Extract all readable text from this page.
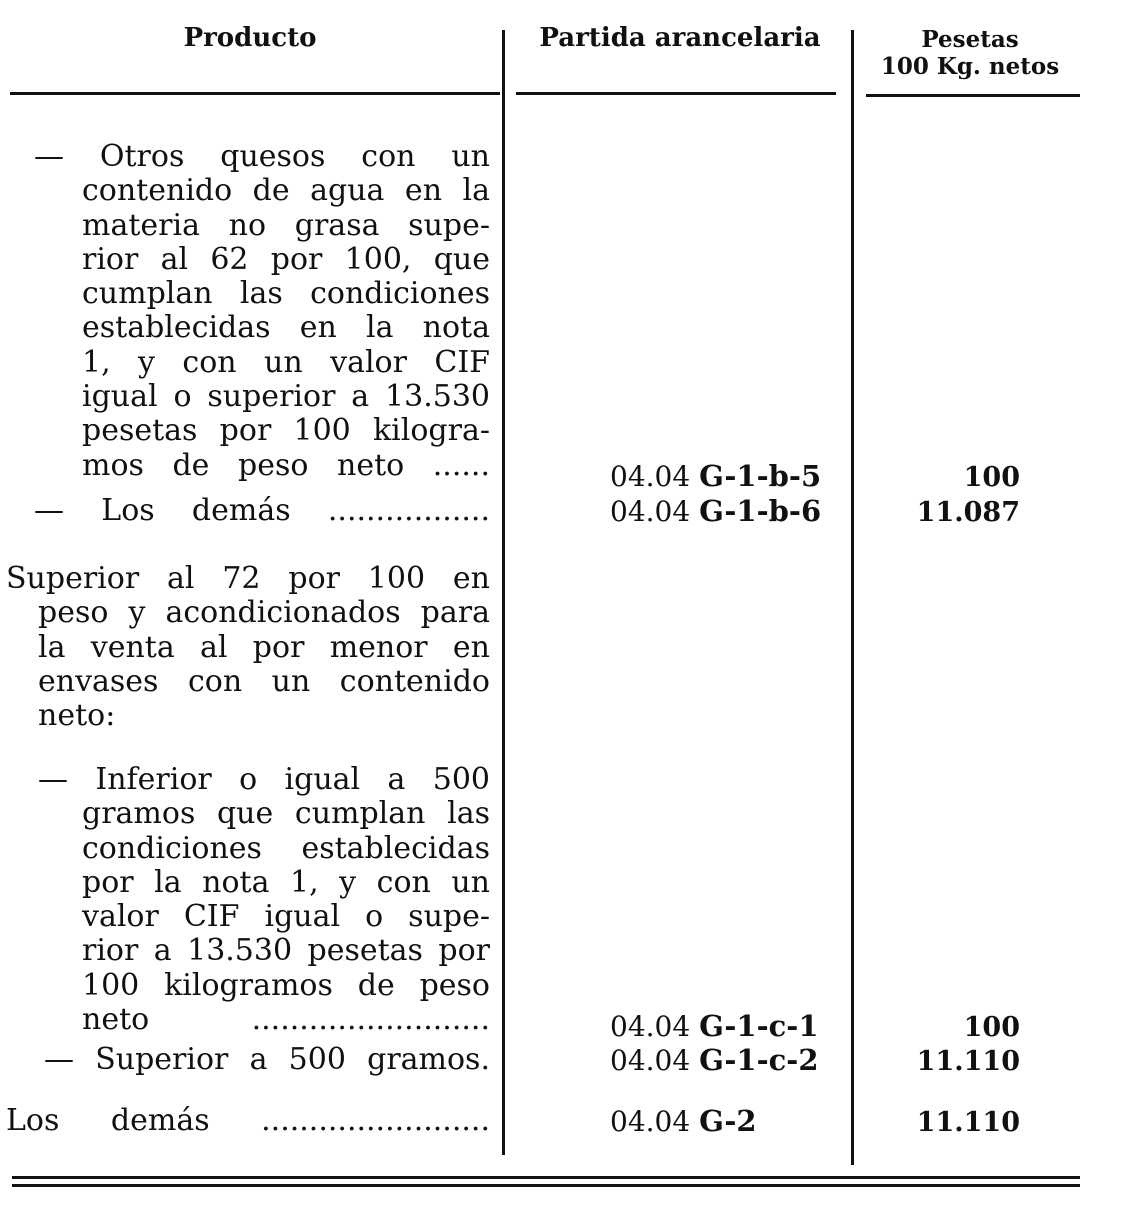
Producto	Partida arancelaria	Pesetas
100 Kg. netos
— Otros quesos con un
contenido de agua en la
materia no grasa supe-
rior al 62 por 100, que
cumplan las condiciones
establecidas en la nota
1, y con un valor CIF
igual o superior a 13.530
pesetas por 100 kilogra-
mos de peso neto ......	04.04 G-1-b-5	100
— Los demás .................	04.04 G-1-b-6	11.087
Superior al 72 por 100 en
peso y acondicionados para
la venta al por menor en
envases con un contenido
neto:
— Inferior o igual a 500
gramos que cumplan las
condiciones establecidas
por la nota 1, y con un
valor CIF igual o supe-
rior a 13.530 pesetas por
100 kilogramos de peso
neto .........................	04.04 G-1-c-1	100
— Superior a 500 gramos.	04.04 G-1-c-2	11.110
Los demás ........................	04.04 G-2	11.110
